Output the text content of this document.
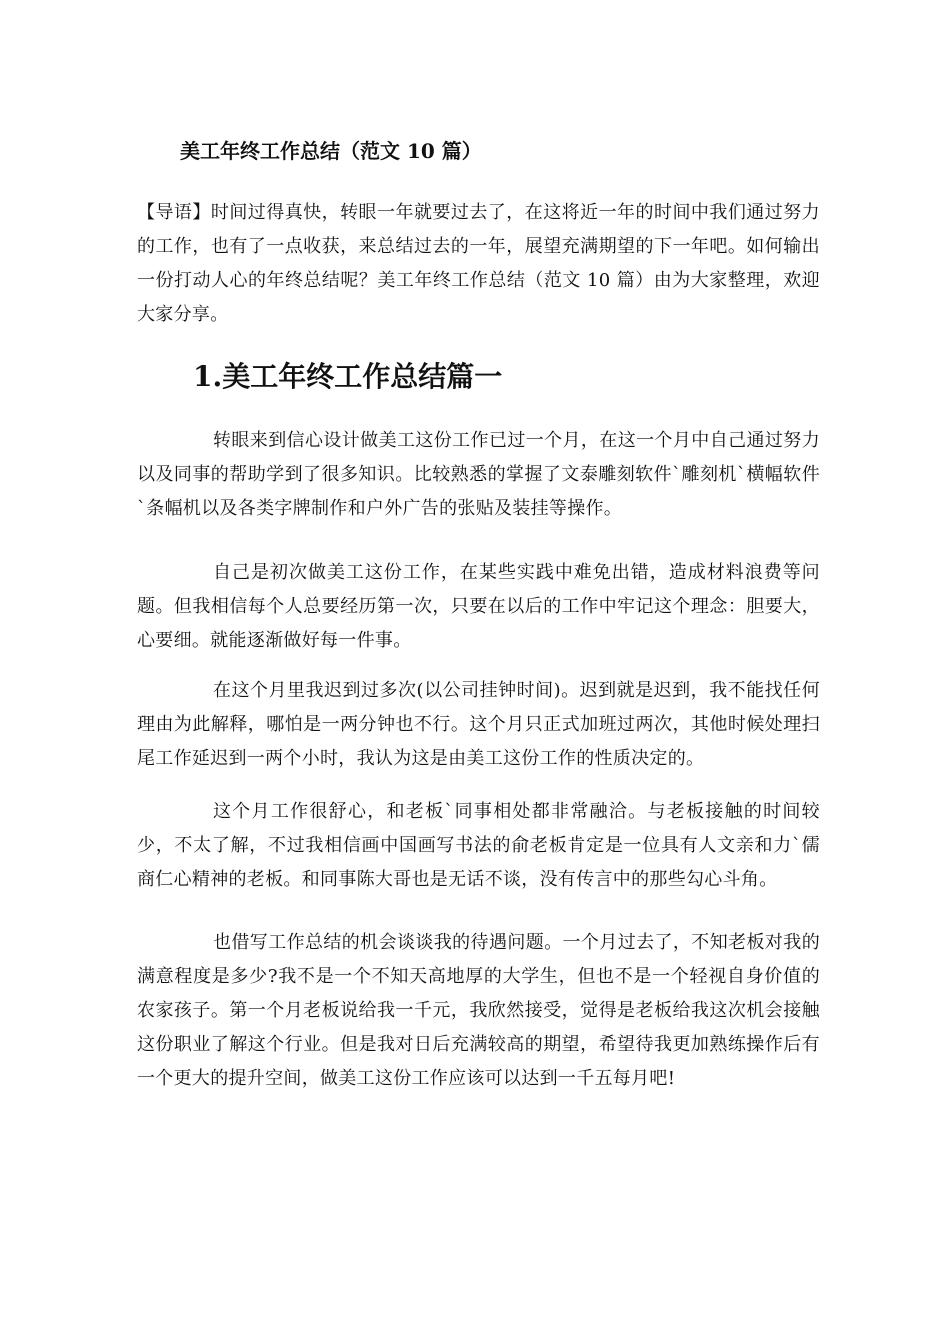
美工年终工作总结（范文 10 篇）

【导语】时间过得真快，转眼一年就要过去了，在这将近一年的时间中我们通过努力的工作，也有了一点收获，来总结过去的一年，展望充满期望的下一年吧。如何输出一份打动人心的年终总结呢？美工年终工作总结（范文 10 篇）由为大家整理，欢迎大家分享。

1.美工年终工作总结篇一

转眼来到信心设计做美工这份工作已过一个月，在这一个月中自己通过努力以及同事的帮助学到了很多知识。比较熟悉的掌握了文泰雕刻软件`雕刻机`横幅软件`条幅机以及各类字牌制作和户外广告的张贴及装挂等操作。

自己是初次做美工这份工作，在某些实践中难免出错，造成材料浪费等问题。但我相信每个人总要经历第一次，只要在以后的工作中牢记这个理念：胆要大，心要细。就能逐渐做好每一件事。

在这个月里我迟到过多次(以公司挂钟时间)。迟到就是迟到，我不能找任何理由为此解释，哪怕是一两分钟也不行。这个月只正式加班过两次，其他时候处理扫尾工作延迟到一两个小时，我认为这是由美工这份工作的性质决定的。

这个月工作很舒心，和老板`同事相处都非常融洽。与老板接触的时间较少，不太了解，不过我相信画中国画写书法的俞老板肯定是一位具有人文亲和力`儒商仁心精神的老板。和同事陈大哥也是无话不谈，没有传言中的那些勾心斗角。

也借写工作总结的机会谈谈我的待遇问题。一个月过去了，不知老板对我的满意程度是多少?我不是一个不知天高地厚的大学生，但也不是一个轻视自身价值的农家孩子。第一个月老板说给我一千元，我欣然接受，觉得是老板给我这次机会接触这份职业了解这个行业。但是我对日后充满较高的期望，希望待我更加熟练操作后有一个更大的提升空间，做美工这份工作应该可以达到一千五每月吧!
